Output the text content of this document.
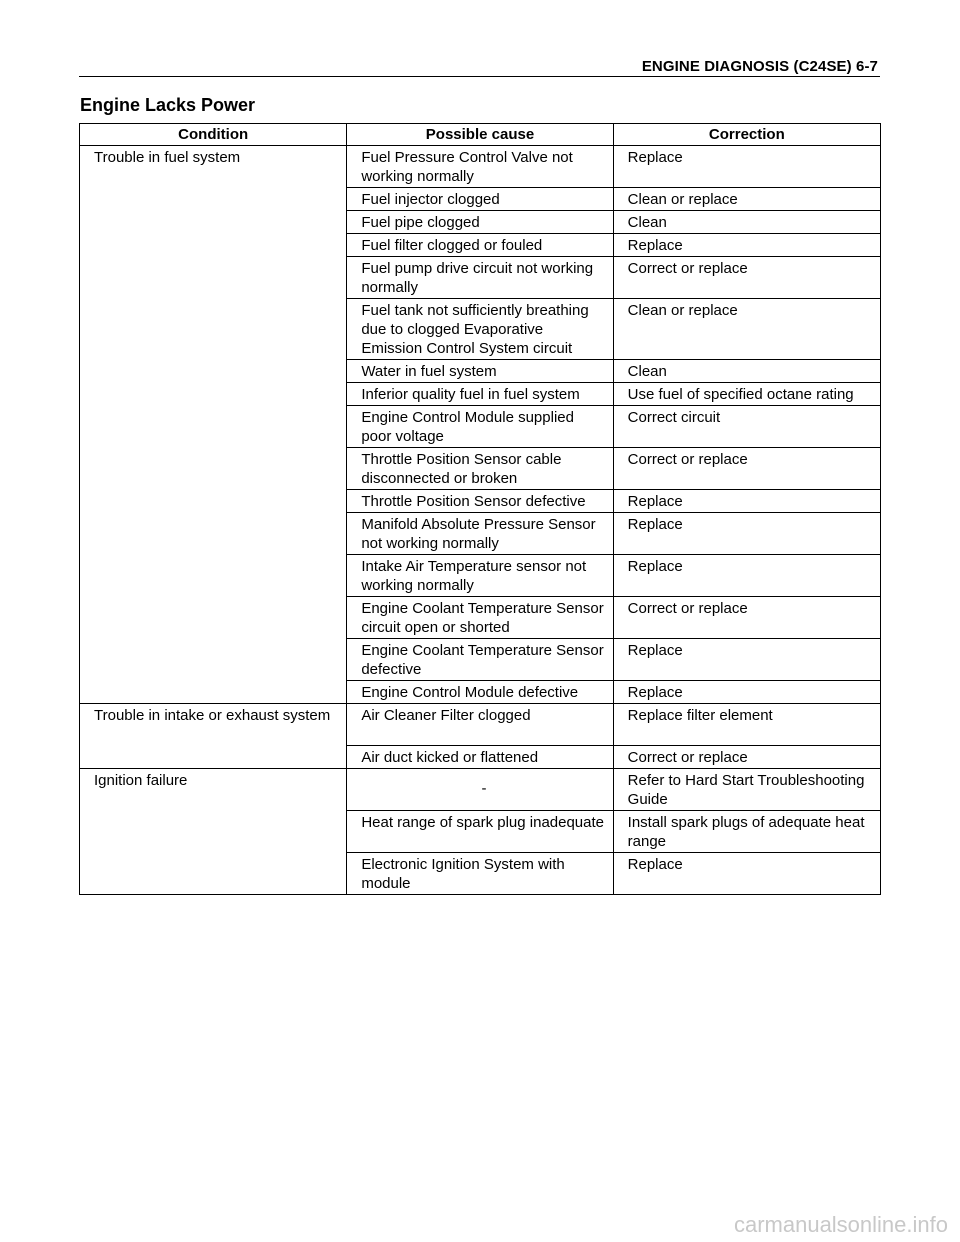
ENGINE DIAGNOSIS (C24SE) 6-7
Engine Lacks Power
Condition	Possible cause	Correction
Trouble in fuel system	Fuel Pressure Control Valve not working normally	Replace
	Fuel injector clogged	Clean or replace
	Fuel pipe clogged	Clean
	Fuel filter clogged or fouled	Replace
	Fuel pump drive circuit not working normally	Correct or replace
	Fuel tank not sufficiently breathing due to clogged Evaporative Emission Control System circuit	Clean or replace
	Water in fuel system	Clean
	Inferior quality fuel in fuel system	Use fuel of specified octane rating
	Engine Control Module supplied poor voltage	Correct circuit
	Throttle Position Sensor cable disconnected or broken	Correct or replace
	Throttle Position Sensor defective	Replace
	Manifold Absolute Pressure Sensor not working normally	Replace
	Intake Air Temperature sensor not working normally	Replace
	Engine Coolant Temperature Sensor circuit open or shorted	Correct or replace
	Engine Coolant Temperature Sensor defective	Replace
	Engine Control Module defective	Replace
Trouble in intake or exhaust system	Air Cleaner Filter clogged	Replace filter element
	Air duct kicked or flattened	Correct or replace
Ignition failure	-	Refer to Hard Start Troubleshooting Guide
	Heat range of spark plug inadequate	Install spark plugs of adequate heat range
	Electronic Ignition System with module	Replace
carmanualsonline.info
